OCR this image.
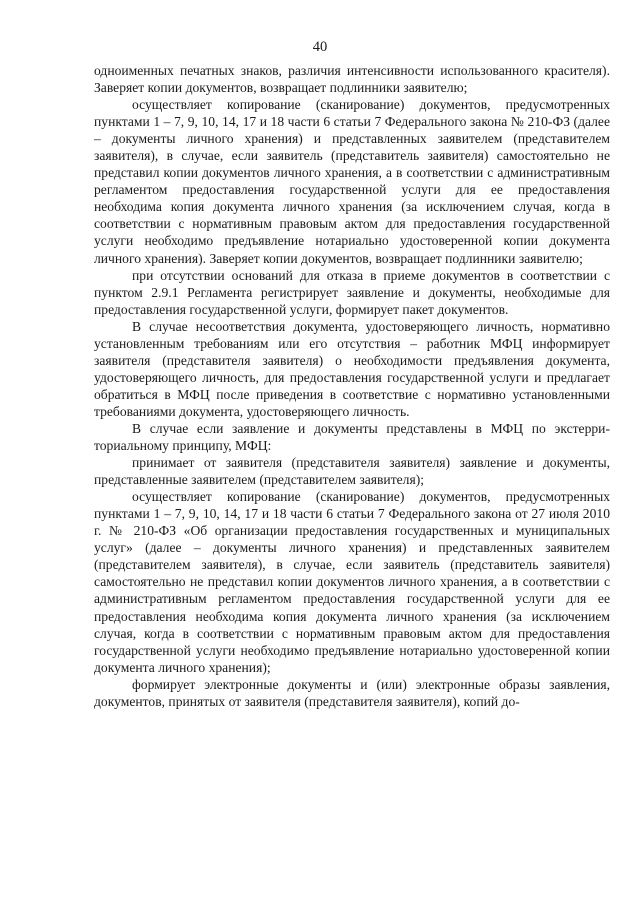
40

одноименных печатных знаков, различия интенсивности использованного красителя). Заверяет копии документов, возвращает подлинники заявителю;

осуществляет копирование (сканирование) документов, предусмотренных пунктами 1 – 7, 9, 10, 14, 17 и 18 части 6 статьи 7 Федерального закона № 210-ФЗ (далее – документы личного хранения) и представленных заявителем (представителем заявителя), в случае, если заявитель (представитель заявителя) самостоятельно не представил копии документов личного хранения, а в соответствии с административным регламентом предоставления государственной услуги для ее предоставления необходима копия документа личного хранения (за исключением случая, когда в соответствии с нормативным правовым актом для предоставления государственной услуги необходимо предъявление нотариально удостоверенной копии документа личного хранения). Заверяет копии документов, возвращает подлинники заявителю;

при отсутствии оснований для отказа в приеме документов в соответствии с пунктом 2.9.1 Регламента регистрирует заявление и документы, необходимые для предоставления государственной услуги, формирует пакет документов.

В случае несоответствия документа, удостоверяющего личность, нормативно установленным требованиям или его отсутствия – работник МФЦ информирует заявителя (представителя заявителя) о необходимости предъявления документа, удостоверяющего личность, для предоставления государственной услуги и предлагает обратиться в МФЦ после приведения в соответствие с нормативно установленными требованиями документа, удостоверяющего личность.

В случае если заявление и документы представлены в МФЦ по экстерриториальному принципу, МФЦ:

принимает от заявителя (представителя заявителя) заявление и документы, представленные заявителем (представителем заявителя);

осуществляет копирование (сканирование) документов, предусмотренных пунктами 1 – 7, 9, 10, 14, 17 и 18 части 6 статьи 7 Федерального закона от 27 июля 2010 г. № 210-ФЗ «Об организации предоставления государственных и муниципальных услуг» (далее – документы личного хранения) и представленных заявителем (представителем заявителя), в случае, если заявитель (представитель заявителя) самостоятельно не представил копии документов личного хранения, а в соответствии с административным регламентом предоставления государственной услуги для ее предоставления необходима копия документа личного хранения (за исключением случая, когда в соответствии с нормативным правовым актом для предоставления государственной услуги необходимо предъявление нотариально удостоверенной копии документа личного хранения);

формирует электронные документы и (или) электронные образы заявления, документов, принятых от заявителя (представителя заявителя), копий до-
